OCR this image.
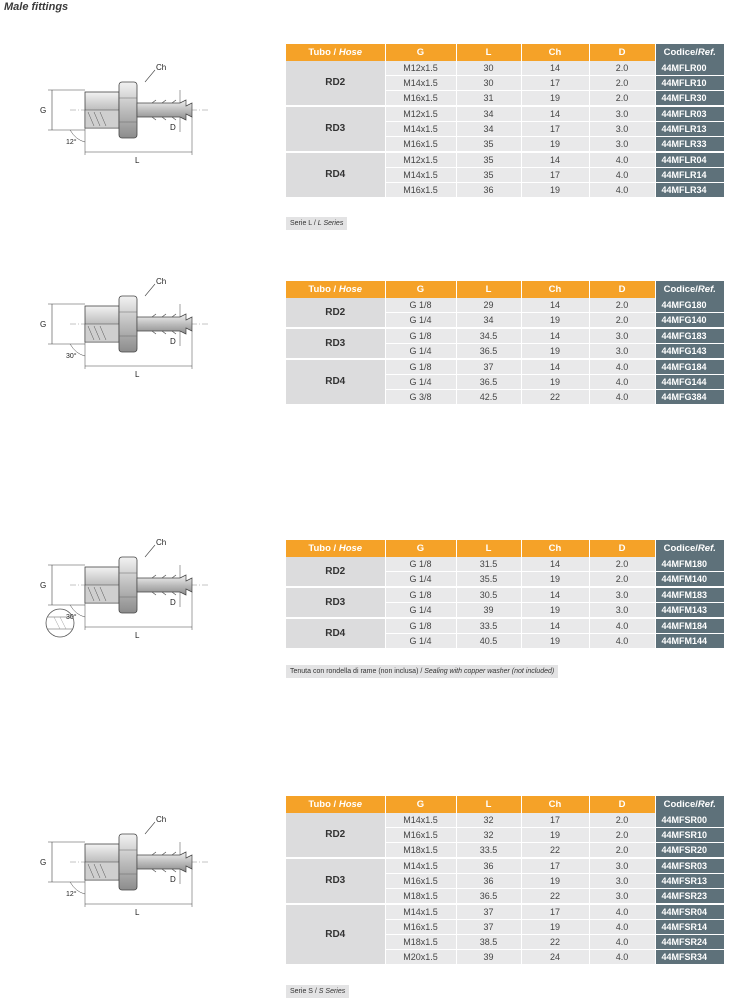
Male fittings
Ch
G
D
L
12°
Tubo / Hose	G	L	Ch	D	Codice/Ref.
RD2	M12x1.5	30	14	2.0	44MFLR00
	M14x1.5	30	17	2.0	44MFLR10
	M16x1.5	31	19	2.0	44MFLR30
RD3	M12x1.5	34	14	3.0	44MFLR03
	M14x1.5	34	17	3.0	44MFLR13
	M16x1.5	35	19	3.0	44MFLR33
RD4	M12x1.5	35	14	4.0	44MFLR04
	M14x1.5	35	17	4.0	44MFLR14
	M16x1.5	36	19	4.0	44MFLR34
Serie L / L Series
Ch
G
D
L
30°
Tubo / Hose	G	L	Ch	D	Codice/Ref.
RD2	G 1/8	29	14	2.0	44MFG180
	G 1/4	34	19	2.0	44MFG140
RD3	G 1/8	34.5	14	3.0	44MFG183
	G 1/4	36.5	19	3.0	44MFG143
RD4	G 1/8	37	14	4.0	44MFG184
	G 1/4	36.5	19	4.0	44MFG144
	G 3/8	42.5	22	4.0	44MFG384
Ch
G
D
L
30°
Tubo / Hose	G	L	Ch	D	Codice/Ref.
RD2	G 1/8	31.5	14	2.0	44MFM180
	G 1/4	35.5	19	2.0	44MFM140
RD3	G 1/8	30.5	14	3.0	44MFM183
	G 1/4	39	19	3.0	44MFM143
RD4	G 1/8	33.5	14	4.0	44MFM184
	G 1/4	40.5	19	4.0	44MFM144
Tenuta con rondella di rame (non inclusa) / Sealing with copper washer (not included)
Ch
G
D
L
12°
Tubo / Hose	G	L	Ch	D	Codice/Ref.
RD2	M14x1.5	32	17	2.0	44MFSR00
	M16x1.5	32	19	2.0	44MFSR10
	M18x1.5	33.5	22	2.0	44MFSR20
RD3	M14x1.5	36	17	3.0	44MFSR03
	M16x1.5	36	19	3.0	44MFSR13
	M18x1.5	36.5	22	3.0	44MFSR23
RD4	M14x1.5	37	17	4.0	44MFSR04
	M16x1.5	37	19	4.0	44MFSR14
	M18x1.5	38.5	22	4.0	44MFSR24
	M20x1.5	39	24	4.0	44MFSR34
Serie S / S Series
